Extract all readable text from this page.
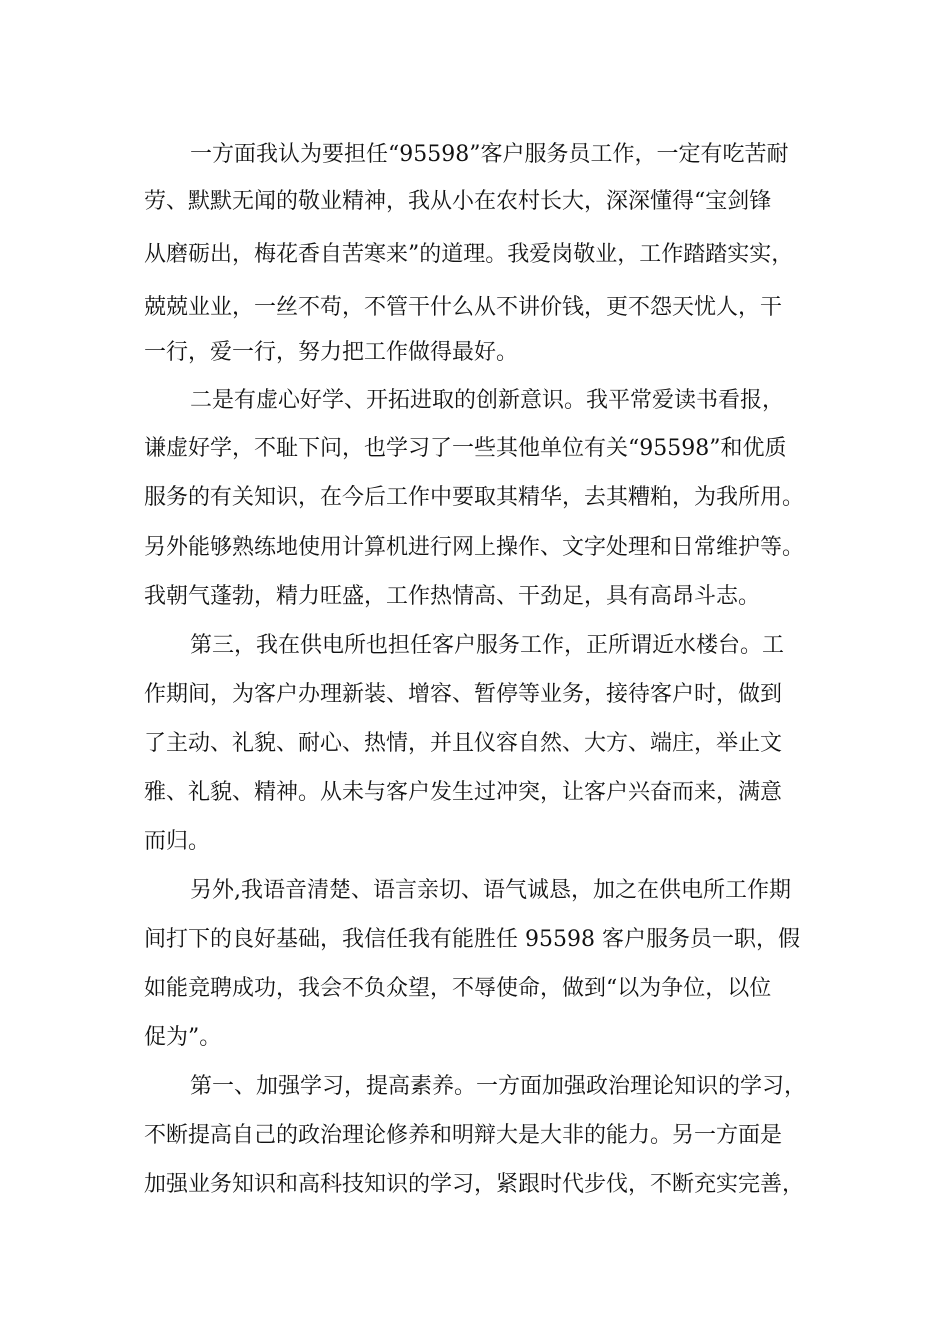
一方面我认为要担任“95598”客户服务员工作，一定有吃苦耐

劳、默默无闻的敬业精神，我从小在农村长大，深深懂得“宝剑锋

从磨砺出，梅花香自苦寒来”的道理。我爱岗敬业，工作踏踏实实，

兢兢业业，一丝不苟，不管干什么从不讲价钱，更不怨天忧人，干

一行，爱一行，努力把工作做得最好。

二是有虚心好学、开拓进取的创新意识。我平常爱读书看报，

谦虚好学，不耻下问，也学习了一些其他单位有关“95598”和优质

服务的有关知识，在今后工作中要取其精华，去其糟粕，为我所用。

另外能够熟练地使用计算机进行网上操作、文字处理和日常维护等。

我朝气蓬勃，精力旺盛，工作热情高、干劲足，具有高昂斗志。

第三，我在供电所也担任客户服务工作，正所谓近水楼台。工

作期间，为客户办理新装、增容、暂停等业务，接待客户时，做到

了主动、礼貌、耐心、热情，并且仪容自然、大方、端庄，举止文

雅、礼貌、精神。从未与客户发生过冲突，让客户兴奋而来，满意

而归。

另外,我语音清楚、语言亲切、语气诚恳，加之在供电所工作期

间打下的良好基础，我信任我有能胜任 95598 客户服务员一职，假

如能竞聘成功，我会不负众望，不辱使命，做到“以为争位，以位

促为”。

第一、加强学习，提高素养。一方面加强政治理论知识的学习，

不断提高自己的政治理论修养和明辩大是大非的能力。另一方面是

加强业务知识和高科技知识的学习，紧跟时代步伐，不断充实完善，
